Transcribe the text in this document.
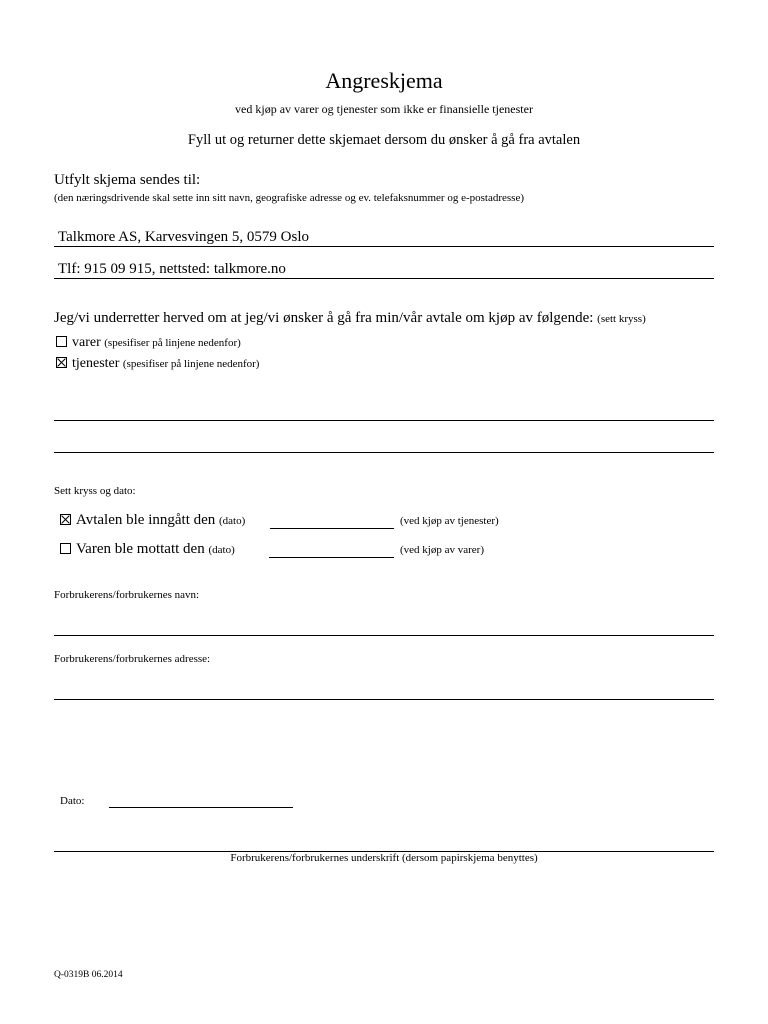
Angreskjema
ved kjøp av varer og tjenester som ikke er finansielle tjenester
Fyll ut og returner dette skjemaet dersom du ønsker å gå fra avtalen
Utfylt skjema sendes til:
(den næringsdrivende skal sette inn sitt navn, geografiske adresse og ev. telefaksnummer og e-postadresse)
Talkmore AS, Karvesvingen 5, 0579 Oslo
Tlf: 915 09 915, nettsted: talkmore.no
Jeg/vi underretter herved om at jeg/vi ønsker å gå fra min/vår avtale om kjøp av følgende: (sett kryss)
varer (spesifiser på linjene nedenfor)
tjenester (spesifiser på linjene nedenfor)
Sett kryss og dato:
Avtalen ble inngått den (dato)	(ved kjøp av tjenester)
Varen ble mottatt den (dato)	(ved kjøp av varer)
Forbrukerens/forbrukernes navn:
Forbrukerens/forbrukernes adresse:
Dato:
Forbrukerens/forbrukernes underskrift (dersom papirskjema benyttes)
Q-0319B 06.2014
